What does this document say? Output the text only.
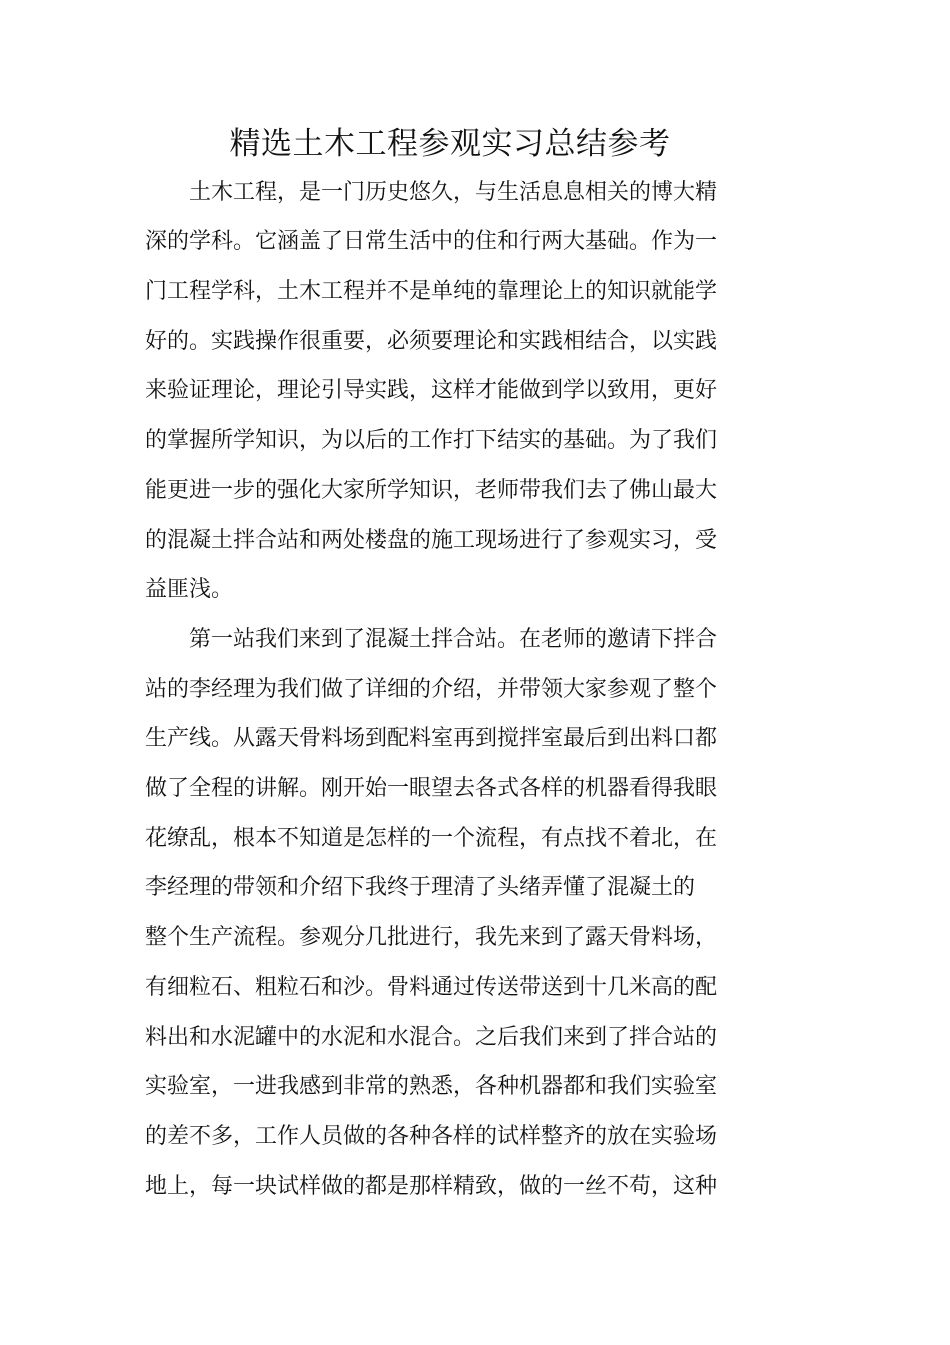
精选土木工程参观实习总结参考
　　土木工程，是一门历史悠久，与生活息息相关的博大精
深的学科。它涵盖了日常生活中的住和行两大基础。作为一
门工程学科，土木工程并不是单纯的靠理论上的知识就能学
好的。实践操作很重要，必须要理论和实践相结合，以实践
来验证理论，理论引导实践，这样才能做到学以致用，更好
的掌握所学知识，为以后的工作打下结实的基础。为了我们
能更进一步的强化大家所学知识，老师带我们去了佛山最大
的混凝土拌合站和两处楼盘的施工现场进行了参观实习，受
益匪浅。
　　第一站我们来到了混凝土拌合站。在老师的邀请下拌合
站的李经理为我们做了详细的介绍，并带领大家参观了整个
生产线。从露天骨料场到配料室再到搅拌室最后到出料口都
做了全程的讲解。刚开始一眼望去各式各样的机器看得我眼
花缭乱，根本不知道是怎样的一个流程，有点找不着北，在
李经理的带领和介绍下我终于理清了头绪弄懂了混凝土的
整个生产流程。参观分几批进行，我先来到了露天骨料场，
有细粒石、粗粒石和沙。骨料通过传送带送到十几米高的配
料出和水泥罐中的水泥和水混合。之后我们来到了拌合站的
实验室，一进我感到非常的熟悉，各种机器都和我们实验室
的差不多，工作人员做的各种各样的试样整齐的放在实验场
地上，每一块试样做的都是那样精致，做的一丝不苟，这种
